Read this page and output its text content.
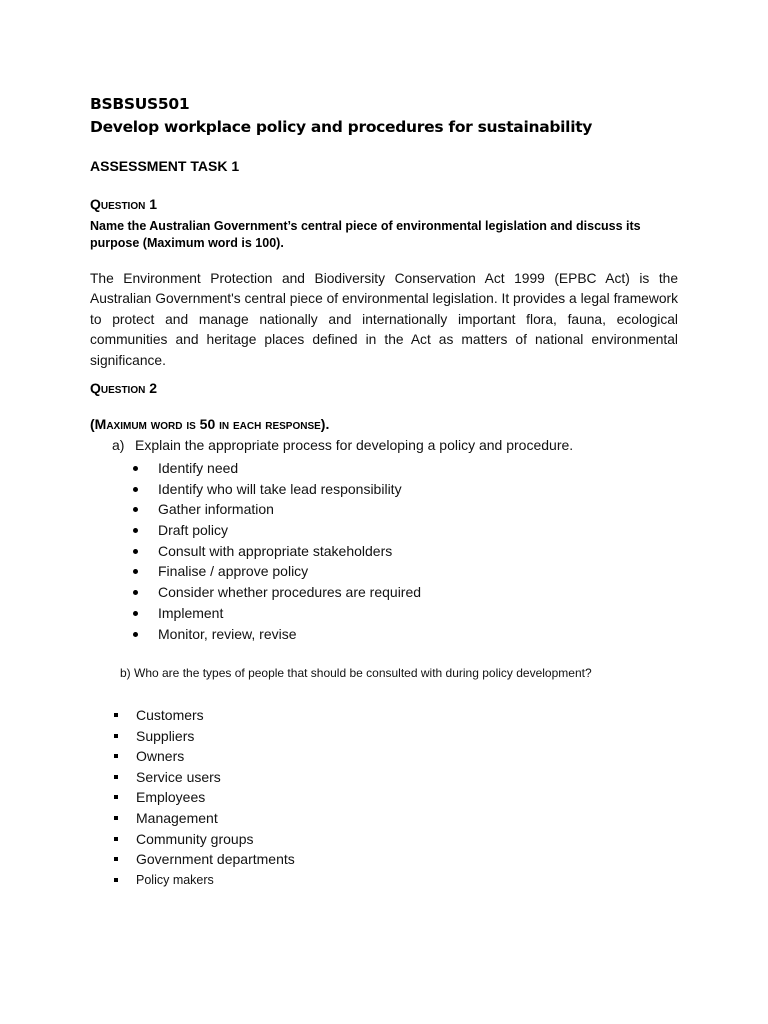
BSBSUS501
Develop workplace policy and procedures for sustainability
ASSESSMENT TASK 1
Question 1
Name the Australian Government’s central piece of environmental legislation and discuss its purpose (Maximum word is 100).
The Environment Protection and Biodiversity Conservation Act 1999 (EPBC Act) is the Australian Government's central piece of environmental legislation. It provides a legal framework to protect and manage nationally and internationally important flora, fauna, ecological communities and heritage places defined in the Act as matters of national environmental significance.
Question 2
(Maximum word is 50 in each response).
a) Explain the appropriate process for developing a policy and procedure.
Identify need
Identify who will take lead responsibility
Gather information
Draft policy
Consult with appropriate stakeholders
Finalise / approve policy
Consider whether procedures are required
Implement
Monitor, review, revise
b) Who are the types of people that should be consulted with during policy development?
Customers
Suppliers
Owners
Service users
Employees
Management
Community groups
Government departments
Policy makers
